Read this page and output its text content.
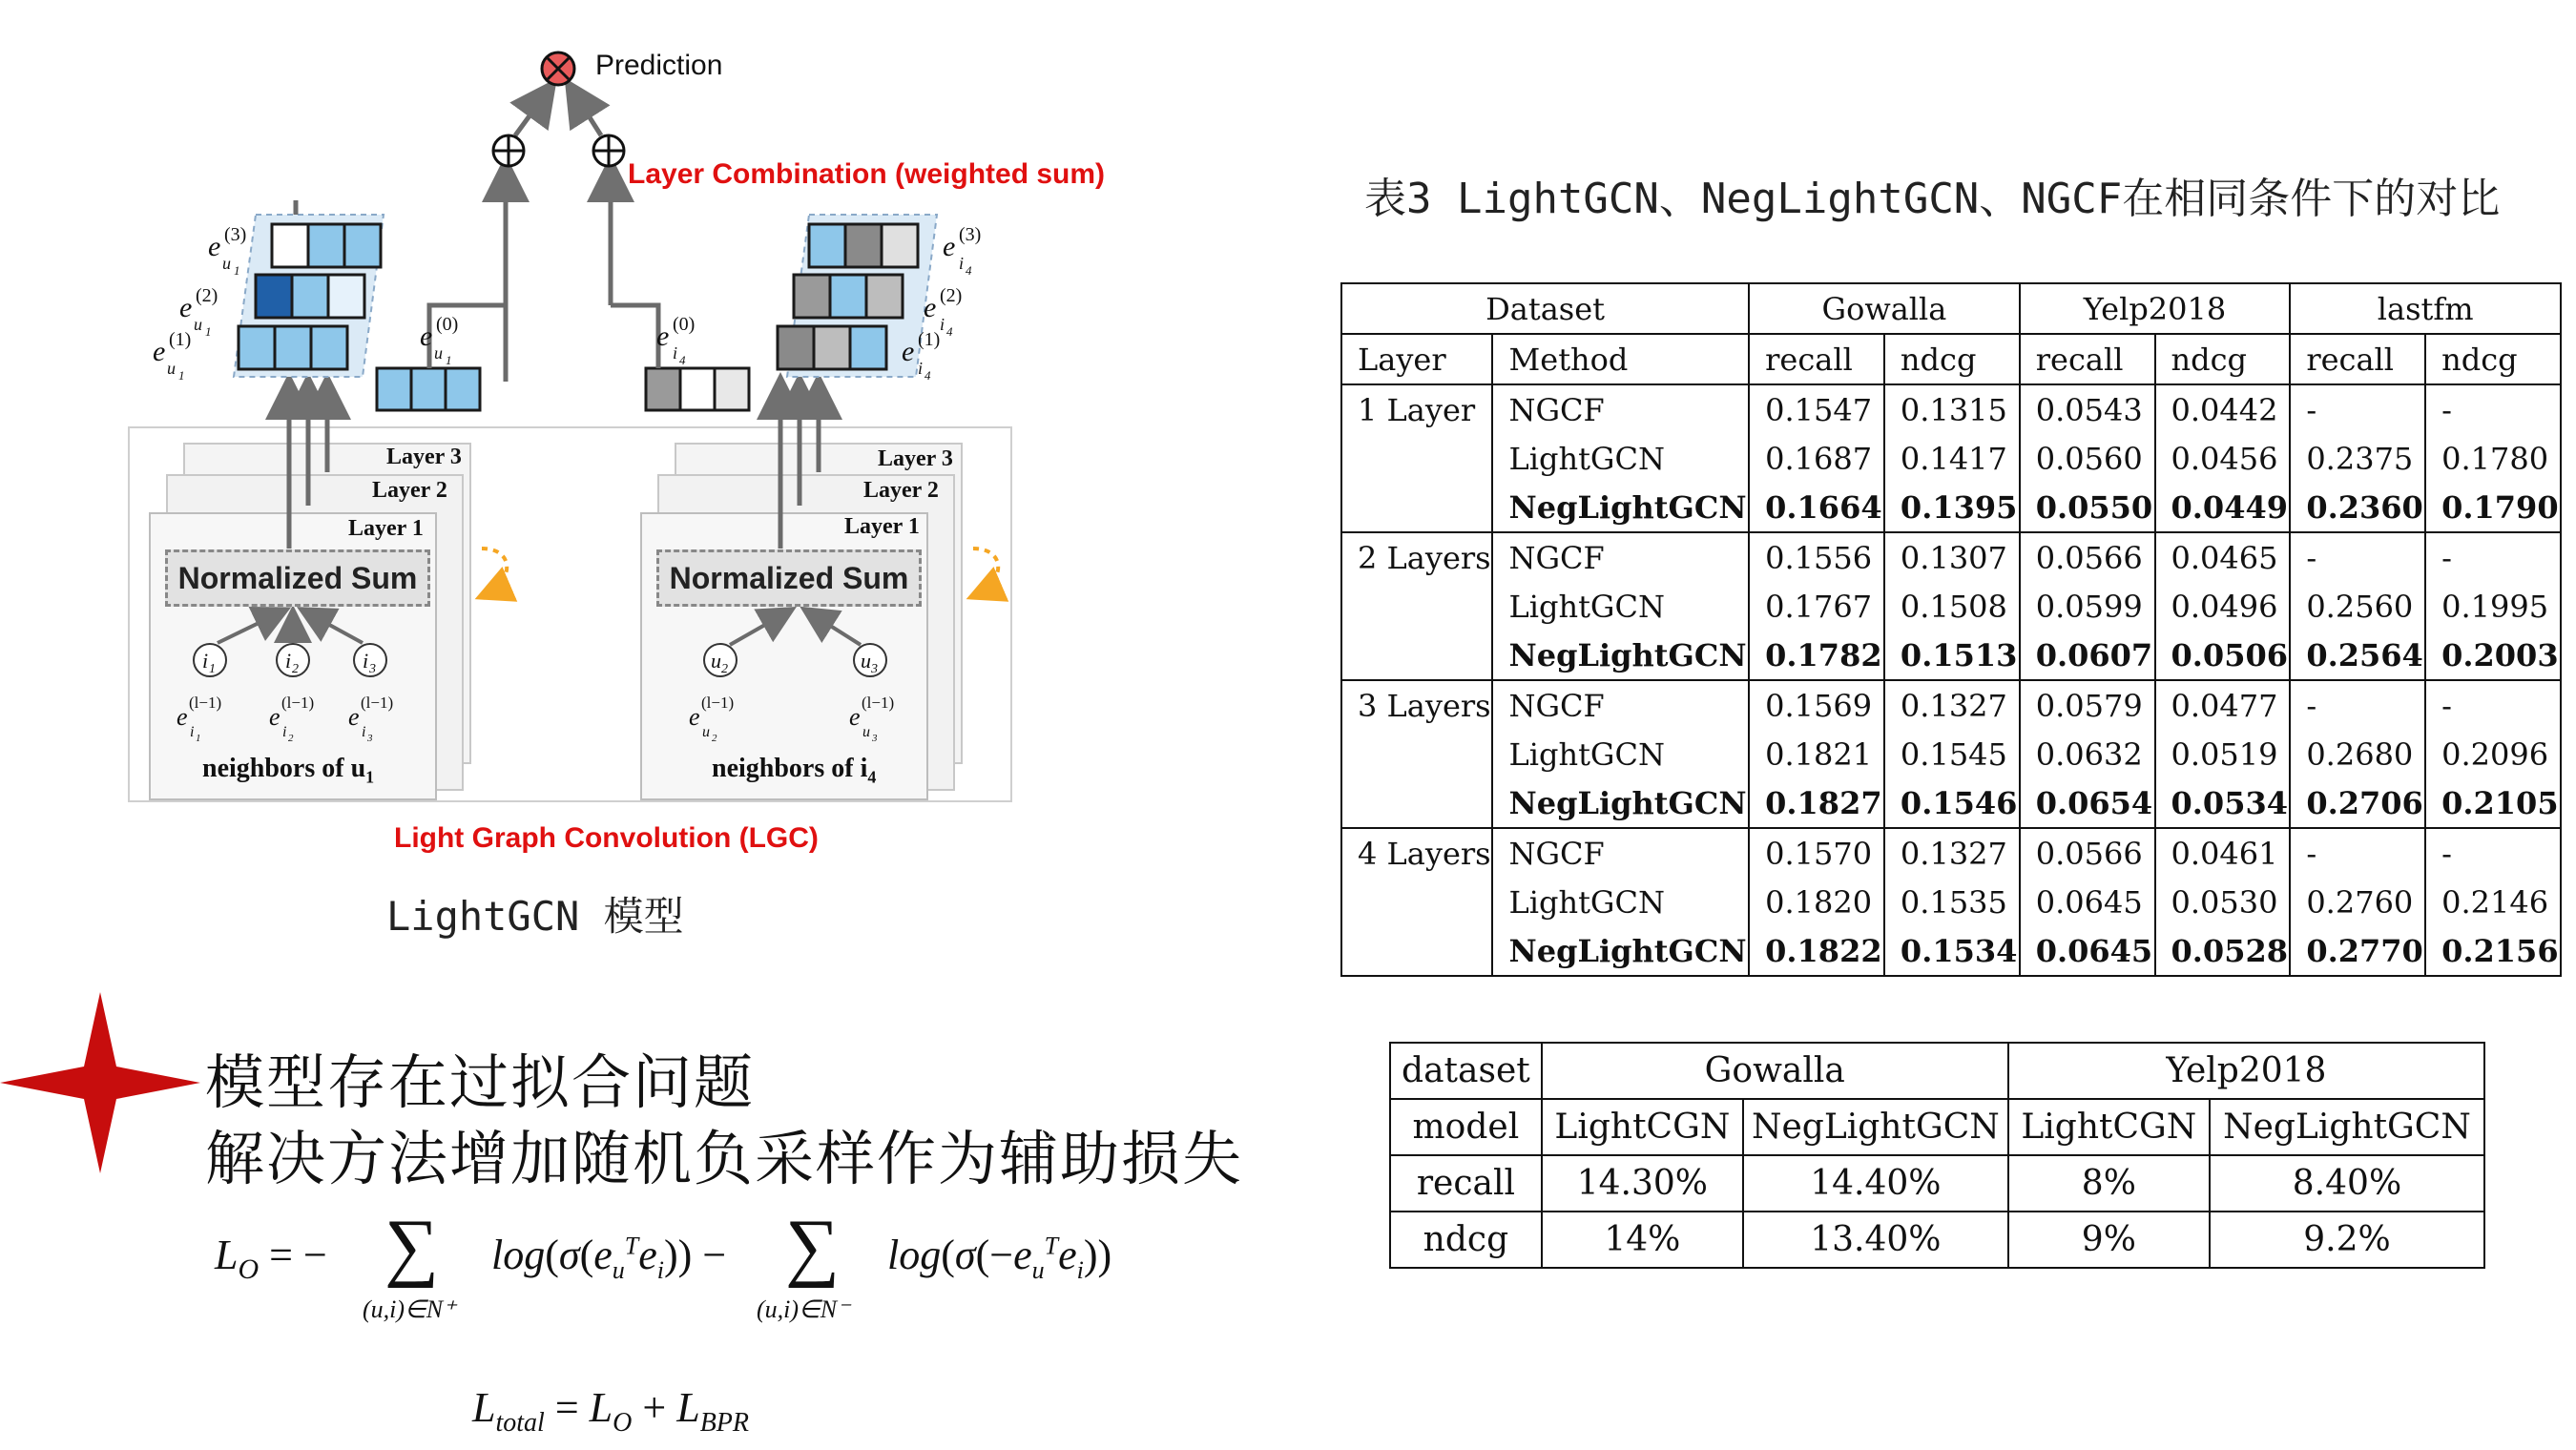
i 1	i 2	i 3	u 2	u 3
e
u 1
(3)
e
u 1
(2)
e
u 1
(1)	e
u 1
(0)	e
i 4
(0)
e
i 4
(3)
e
i 4
(2)
e
i 4
(1)
e
i 1
(l−1)
e
i 2
(l−1)
e
i 3
(l−1)
e
u 2
(l−1)
e
u 3
(l−1)
Prediction
Layer Combination (weighted sum)
Light Graph Convolution (LGC)
Layer 3
Layer 2
Layer 1
Normalized Sum
neighbors of $u_1$
Layer 3
Layer 2
Layer 1
Normalized Sum
neighbors of $i_4$
LightGCN 模型
模型存在过拟合问题
解决方法增加随机负采样作为辅助损失
$L_O$ = − ∑
(u,i)∈N⁺
$\log(\sigma(e_u^Te_i))$ − ∑
(u,i)∈N⁻
$\log(\sigma(-e_u^Te_i))$
$L_{total} = L_O + L_{BPR}$
表3 LightGCN、NegLightGCN、NGCF在相同条件下的对比
Dataset		Gowalla		Yelp2018		lastfm	
Layer	Method	recall	ndcg	recall	ndcg	recall	ndcg
1 Layer	NGCF	0.1547	0.1315	0.0543	0.0442	-	-
	LightGCN	0.1687	0.1417	0.0560	0.0456	0.2375	0.1780
	NegLightGCN	0.1664	0.1395	0.0550	0.0449	0.2360	0.1790
2 Layers	NGCF	0.1556	0.1307	0.0566	0.0465	-	-
	LightGCN	0.1767	0.1508	0.0599	0.0496	0.2560	0.1995
	NegLightGCN	0.1782	0.1513	0.0607	0.0506	0.2564	0.2003
3 Layers	NGCF	0.1569	0.1327	0.0579	0.0477	-	-
	LightGCN	0.1821	0.1545	0.0632	0.0519	0.2680	0.2096
	NegLightGCN	0.1827	0.1546	0.0654	0.0534	0.2706	0.2105
4 Layers	NGCF	0.1570	0.1327	0.0566	0.0461	-	-
	LightGCN	0.1820	0.1535	0.0645	0.0530	0.2760	0.2146
	NegLightGCN	0.1822	0.1534	0.0645	0.0528	0.2770	0.2156
dataset	Gowalla		Yelp2018	
model	LightCGN	NegLightGCN	LightCGN	NegLightGCN
recall	14.30%	14.40%	8%	8.40%
ndcg	14%	13.40%	9%	9.2%
